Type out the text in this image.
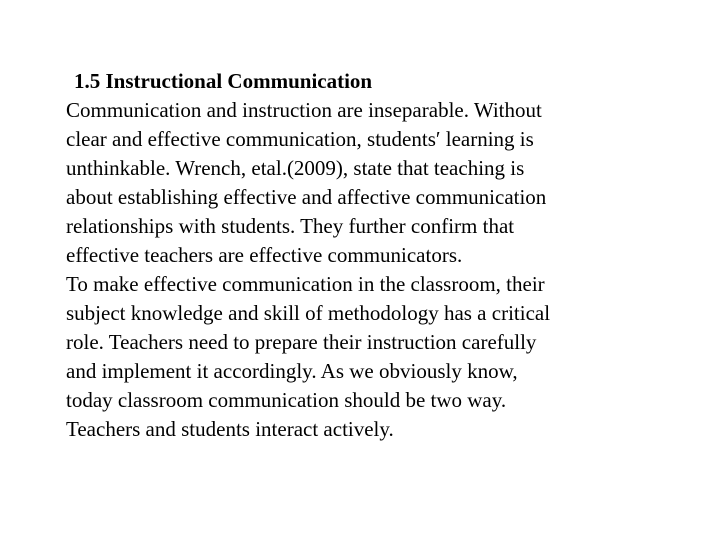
1.5 Instructional Communication
Communication and instruction are inseparable. Without
clear and effective communication, students′ learning is
unthinkable. Wrench, etal.(2009), state that teaching is
about establishing effective and affective communication
relationships with students. They further confirm that
effective teachers are effective communicators.
To make effective communication in the classroom, their
subject knowledge and skill of methodology has a critical
role. Teachers need to prepare their instruction carefully
and implement it accordingly. As we obviously know,
today classroom communication should be two way.
Teachers and students interact actively.
